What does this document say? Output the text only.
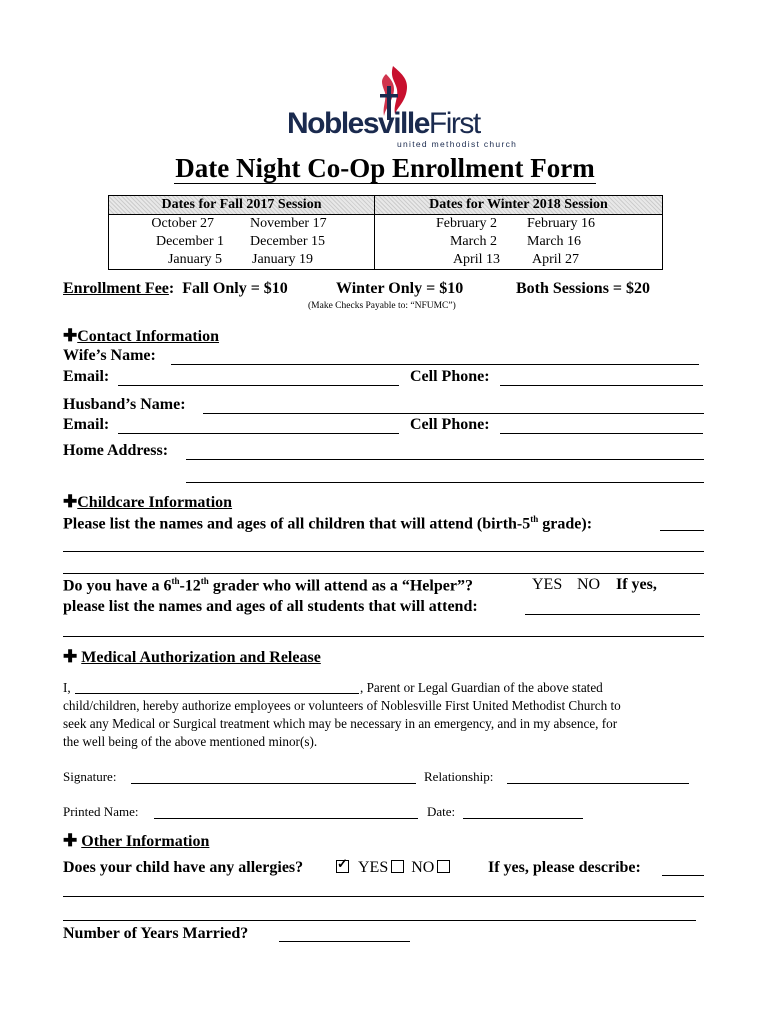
NoblesvilleFirst
united methodist church
Date Night Co-Op Enrollment Form
Dates for Fall 2017 Session
October 27	November 17
December 1 December 15
January 5 January 19

Dates for Winter 2018 Session
February 2 February 16
March 2 March 16
April 13 April 27
Enrollment Fee:  Fall Only = $10	Winter Only = $10	Both Sessions = $20
(Make Checks Payable to: “NFUMC”)
✚Contact Information
Wife’s Name:
Email:	Cell Phone:
Husband’s Name:
Email:	Cell Phone:
Home Address:
✚Childcare Information
Please list the names and ages of all children that will attend (birth-5th grade):
Do you have a 6th-12th grader who will attend as a “Helper”?	YES NO If yes,
please list the names and ages of all students that will attend:
✚ Medical Authorization and Release
I,	, Parent or Legal Guardian of the above stated
child/children, hereby authorize employees or volunteers of Noblesville First United Methodist Church to
seek any Medical or Surgical treatment which may be necessary in an emergency, and in my absence, for
the well being of the above mentioned minor(s).
Signature:	Relationship:
Printed Name:	Date:
✚ Other Information
Does your child have any allergies?
✓	YES NO	If yes, please describe:
Number of Years Married?
